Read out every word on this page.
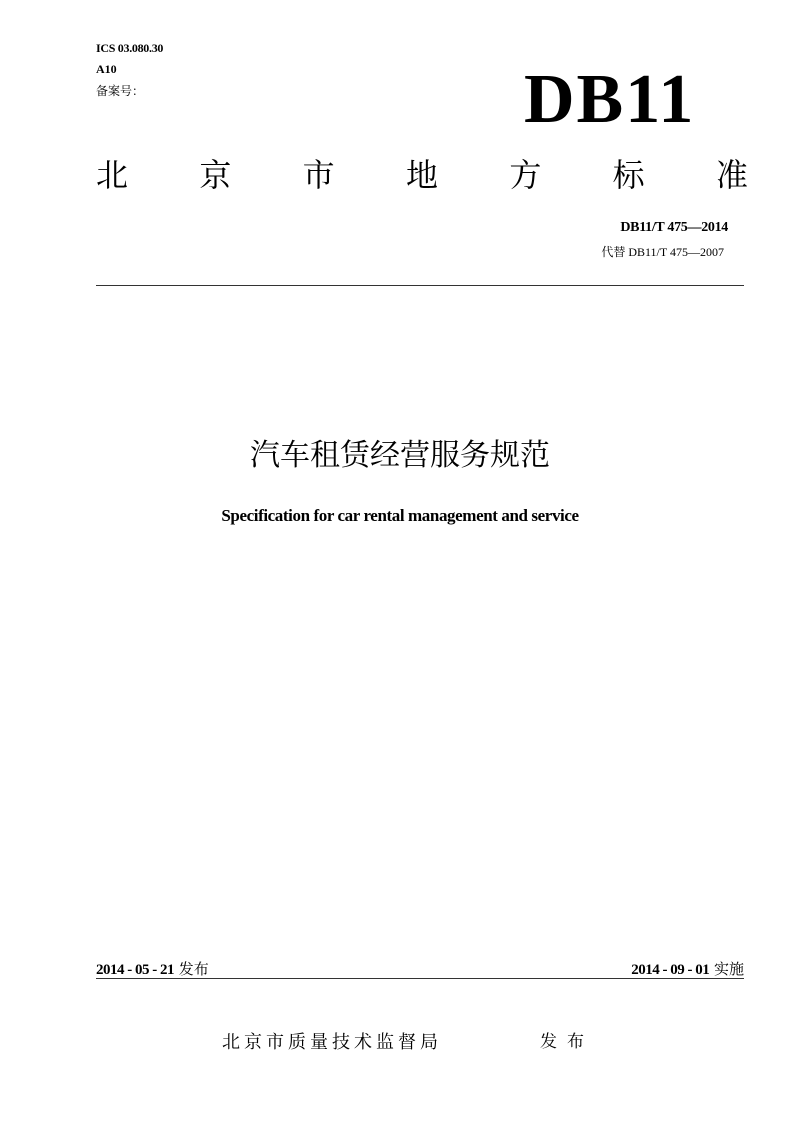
ICS 03.080.30
A10
备案号：	DB11
北 京 市 地 方 标 准
DB11/T 475—2014
代替 DB11/T 475—2007
汽车租赁经营服务规范
Specification for car rental management and service
2014 - 05 - 21 发布	2014 - 09 - 01 实施
北京市质量技术监督局	发布
